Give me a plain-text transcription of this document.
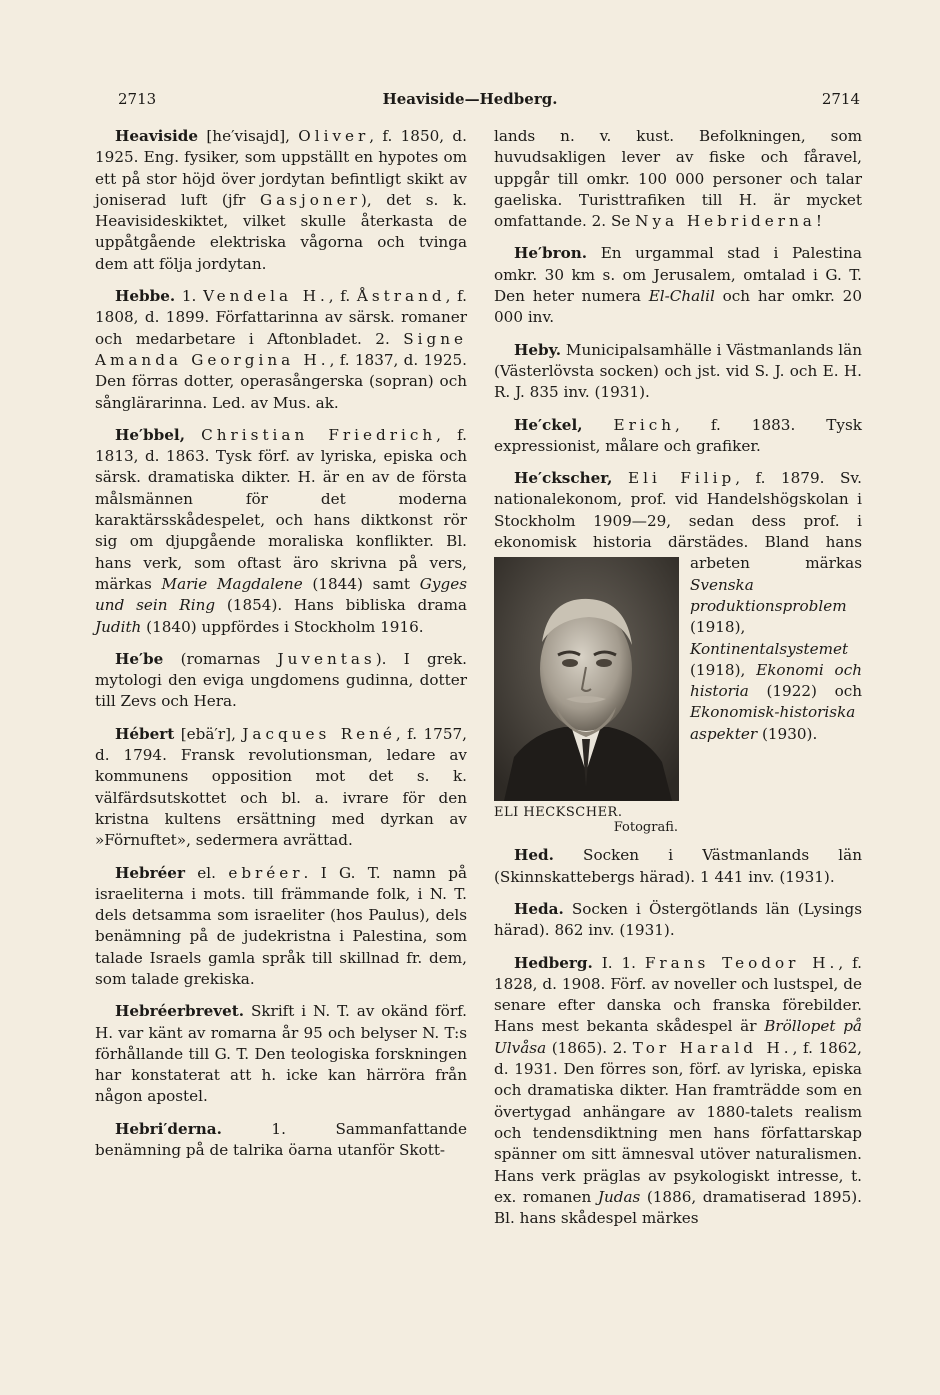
2713	Heaviside—Hedberg.	2714

Heaviside [he′visajd], Oliver, f. 1850, d. 1925. Eng. fysiker, som uppställt en hypotes om ett på stor höjd över jordytan befintligt skikt av joniserad luft (jfr Gasjoner), det s. k. Heavisideskiktet, vilket skulle återkasta de uppåtgående elektriska vågorna och tvinga dem att följa jordytan.

Hebbe. 1. Vendela H., f. Åstrand, f. 1808, d. 1899. Författarinna av särsk. romaner och medarbetare i Aftonbladet. 2. Signe Amanda Georgina H., f. 1837, d. 1925. Den förras dotter, operasångerska (sopran) och sånglärarinna. Led. av Mus. ak.

He′bbel, Christian Friedrich, f. 1813, d. 1863. Tysk förf. av lyriska, episka och särsk. dramatiska dikter. H. är en av de första målsmännen för det moderna karaktärsskådespelet, och hans diktkonst rör sig om djupgående moraliska konflikter. Bl. hans verk, som oftast äro skrivna på vers, märkas Marie Magdalene (1844) samt Gyges und sein Ring (1854). Hans bibliska drama Judith (1840) uppfördes i Stockholm 1916.

He′be (romarnas Juventas). I grek. mytologi den eviga ungdomens gudinna, dotter till Zevs och Hera.

Hébert [ebä′r], Jacques René, f. 1757, d. 1794. Fransk revolutionsman, ledare av kommunens opposition mot det s. k. välfärdsutskottet och bl. a. ivrare för den kristna kultens ersättning med dyrkan av »Förnuftet», sedermera avrättad.

Hebréer el. ebréer. I G. T. namn på israeliterna i mots. till främmande folk, i N. T. dels detsamma som israeliter (hos Paulus), dels benämning på de judekristna i Palestina, som talade Israels gamla språk till skillnad fr. dem, som talade grekiska.

Hebréerbrevet. Skrift i N. T. av okänd förf. H. var känt av romarna år 95 och belyser N. T:s förhållande till G. T. Den teologiska forskningen har konstaterat att h. icke kan härröra från någon apostel.

Hebri′derna. 1. Sammanfattande benämning på de talrika öarna utanför Skott-

lands n. v. kust. Befolkningen, som huvudsakligen lever av fiske och fåravel, uppgår till omkr. 100 000 personer och talar gaeliska. Turisttrafiken till H. är mycket omfattande. 2. Se Nya Hebriderna!

He′bron. En urgammal stad i Palestina omkr. 30 km s. om Jerusalem, omtalad i G. T. Den heter numera El-Chalil och har omkr. 20 000 inv.

Heby. Municipalsamhälle i Västmanlands län (Västerlövsta socken) och jst. vid S. J. och E. H. R. J. 835 inv. (1931).

He′ckel, Erich, f. 1883. Tysk expressionist, målare och grafiker.

He′ckscher, Eli Filip, f. 1879. Sv. nationalekonom, prof. vid Handelshögskolan i Stockholm 1909—29, sedan dess prof. i ekonomisk historia därstädes. Bland hans arbeten märkas
ELI HECKSCHER.
Fotografi.
Svenska produktionsproblem (1918), Kontinentalsystemet (1918), Ekonomi och historia (1922) och Ekonomisk-historiska aspekter (1930).

Hed. Socken i Västmanlands län (Skinnskattebergs härad). 1 441 inv. (1931).

Heda. Socken i Östergötlands län (Lysings härad). 862 inv. (1931).

Hedberg. I. 1. Frans Teodor H., f. 1828, d. 1908. Förf. av noveller och lustspel, de senare efter danska och franska förebilder. Hans mest bekanta skådespel är Bröllopet på Ulvåsa (1865). 2. Tor Harald H., f. 1862, d. 1931. Den förres son, förf. av lyriska, episka och dramatiska dikter. Han framträdde som en övertygad anhängare av 1880-talets realism och tendensdiktning men hans författarskap spänner om sitt ämnesval utöver naturalismen. Hans verk präglas av psykologiskt intresse, t. ex. romanen Judas (1886, dramatiserad 1895). Bl. hans skådespel märkes
